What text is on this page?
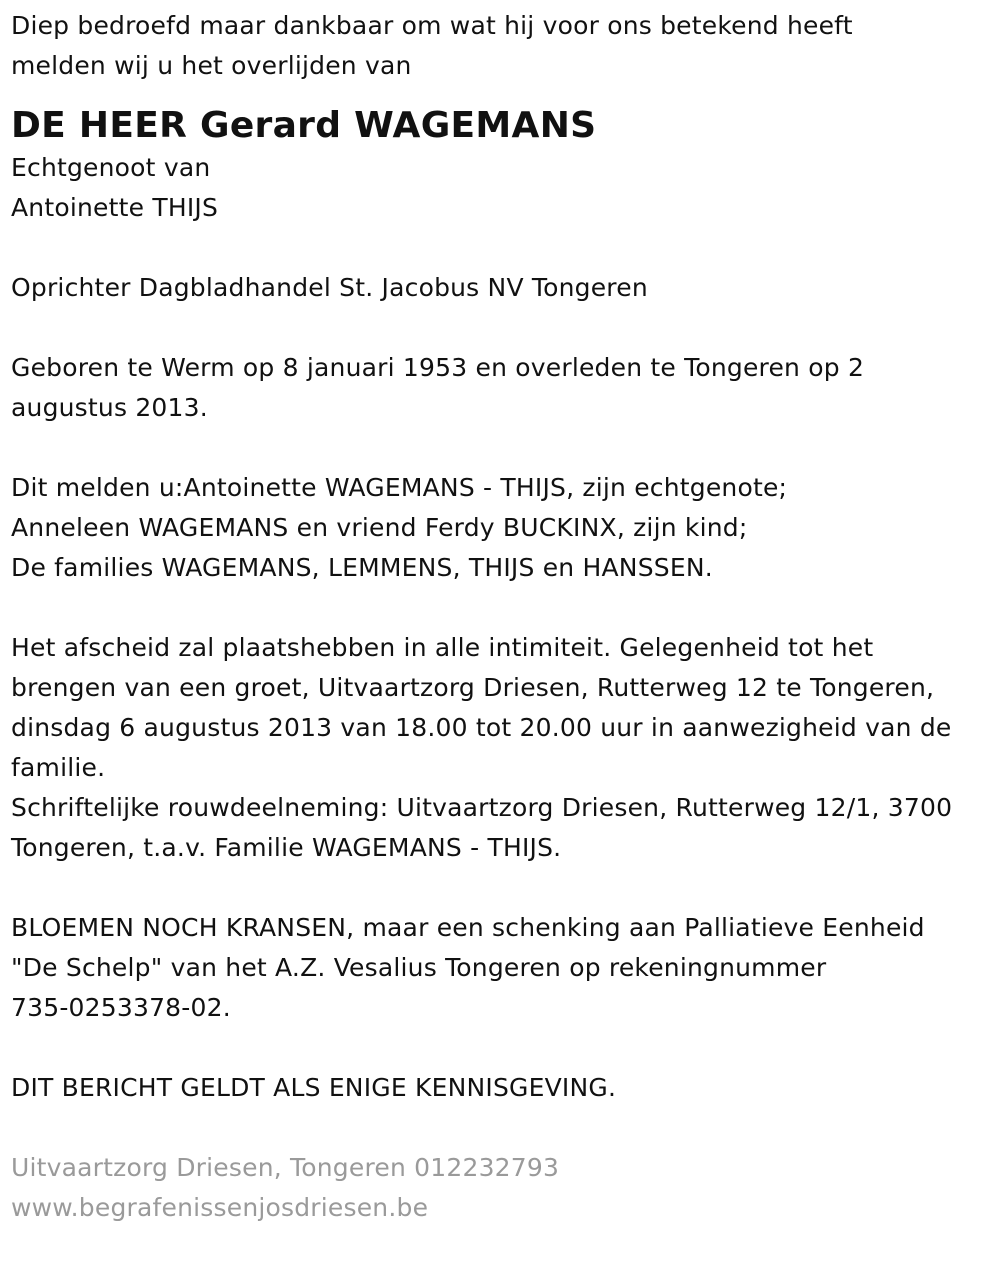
Diep bedroefd maar dankbaar om wat hij voor ons betekend heeft
melden wij u het overlijden van
DE HEER Gerard WAGEMANS
Echtgenoot van
Antoinette THIJS
Oprichter Dagbladhandel St. Jacobus NV Tongeren
Geboren te Werm op 8 januari 1953 en overleden te Tongeren op 2
augustus 2013.
Dit melden u:Antoinette WAGEMANS - THIJS, zijn echtgenote;
Anneleen WAGEMANS en vriend Ferdy BUCKINX, zijn kind;
De families WAGEMANS, LEMMENS, THIJS en HANSSEN.
Het afscheid zal plaatshebben in alle intimiteit. Gelegenheid tot het
brengen van een groet, Uitvaartzorg Driesen, Rutterweg 12 te Tongeren,
dinsdag 6 augustus 2013 van 18.00 tot 20.00 uur in aanwezigheid van de
familie.
Schriftelijke rouwdeelneming: Uitvaartzorg Driesen, Rutterweg 12/1, 3700
Tongeren, t.a.v. Familie WAGEMANS - THIJS.
BLOEMEN NOCH KRANSEN, maar een schenking aan Palliatieve Eenheid
"De Schelp" van het A.Z. Vesalius Tongeren op rekeningnummer
735-0253378-02.
DIT BERICHT GELDT ALS ENIGE KENNISGEVING.
Uitvaartzorg Driesen, Tongeren 012232793
www.begrafenissenjosdriesen.be
